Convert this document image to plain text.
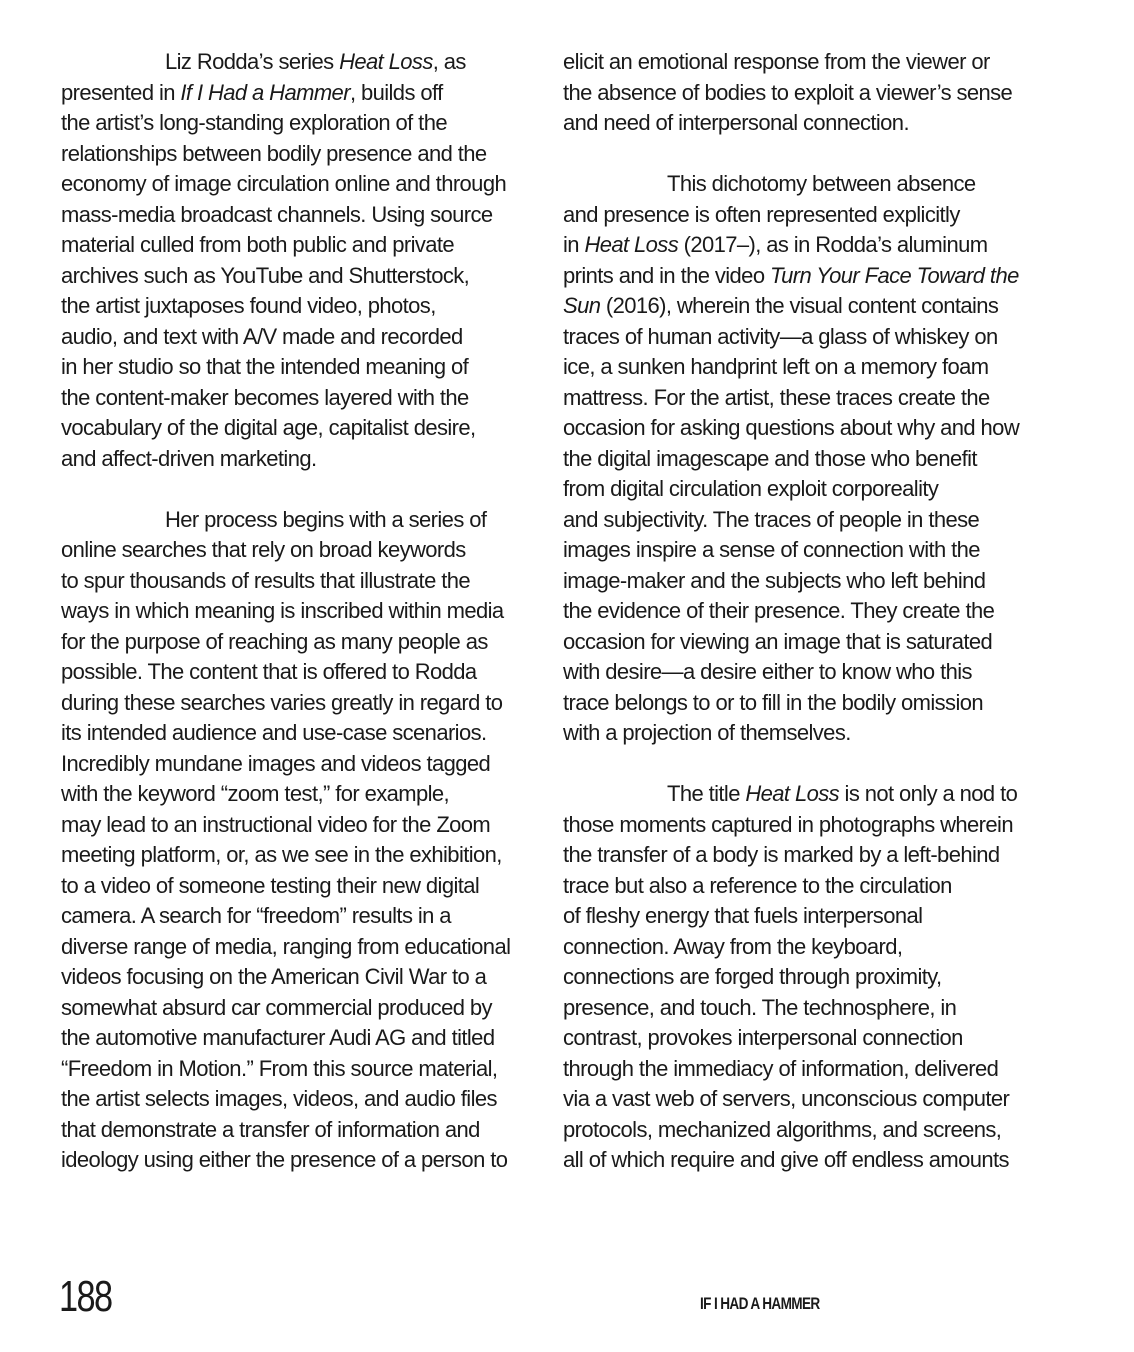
Liz Rodda’s series Heat Loss, as
presented in If I Had a Hammer, builds off
the artist’s long-standing exploration of the
relationships between bodily presence and the
economy of image circulation online and through
mass-media broadcast channels. Using source
material culled from both public and private
archives such as YouTube and Shutterstock,
the artist juxtaposes found video, photos,
audio, and text with A/V made and recorded
in her studio so that the intended meaning of
the content-maker becomes layered with the
vocabulary of the digital age, capitalist desire,
and affect-driven marketing.
Her process begins with a series of
online searches that rely on broad keywords
to spur thousands of results that illustrate the
ways in which meaning is inscribed within media
for the purpose of reaching as many people as
possible. The content that is offered to Rodda
during these searches varies greatly in regard to
its intended audience and use-case scenarios.
Incredibly mundane images and videos tagged
with the keyword “zoom test,” for example,
may lead to an instructional video for the Zoom
meeting platform, or, as we see in the exhibition,
to a video of someone testing their new digital
camera. A search for “freedom” results in a
diverse range of media, ranging from educational
videos focusing on the American Civil War to a
somewhat absurd car commercial produced by
the automotive manufacturer Audi AG and titled
“Freedom in Motion.” From this source material,
the artist selects images, videos, and audio files
that demonstrate a transfer of information and
ideology using either the presence of a person to
elicit an emotional response from the viewer or
the absence of bodies to exploit a viewer’s sense
and need of interpersonal connection.
This dichotomy between absence
and presence is often represented explicitly
in Heat Loss (2017–), as in Rodda’s aluminum
prints and in the video Turn Your Face Toward the
Sun (2016), wherein the visual content contains
traces of human activity—a glass of whiskey on
ice, a sunken handprint left on a memory foam
mattress. For the artist, these traces create the
occasion for asking questions about why and how
the digital imagescape and those who benefit
from digital circulation exploit corporeality
and subjectivity. The traces of people in these
images inspire a sense of connection with the
image-maker and the subjects who left behind
the evidence of their presence. They create the
occasion for viewing an image that is saturated
with desire—a desire either to know who this
trace belongs to or to fill in the bodily omission
with a projection of themselves.
The title Heat Loss is not only a nod to
those moments captured in photographs wherein
the transfer of a body is marked by a left-behind
trace but also a reference to the circulation
of fleshy energy that fuels interpersonal
connection. Away from the keyboard,
connections are forged through proximity,
presence, and touch. The technosphere, in
contrast, provokes interpersonal connection
through the immediacy of information, delivered
via a vast web of servers, unconscious computer
protocols, mechanized algorithms, and screens,
all of which require and give off endless amounts
188	IF I HAD A HAMMER
